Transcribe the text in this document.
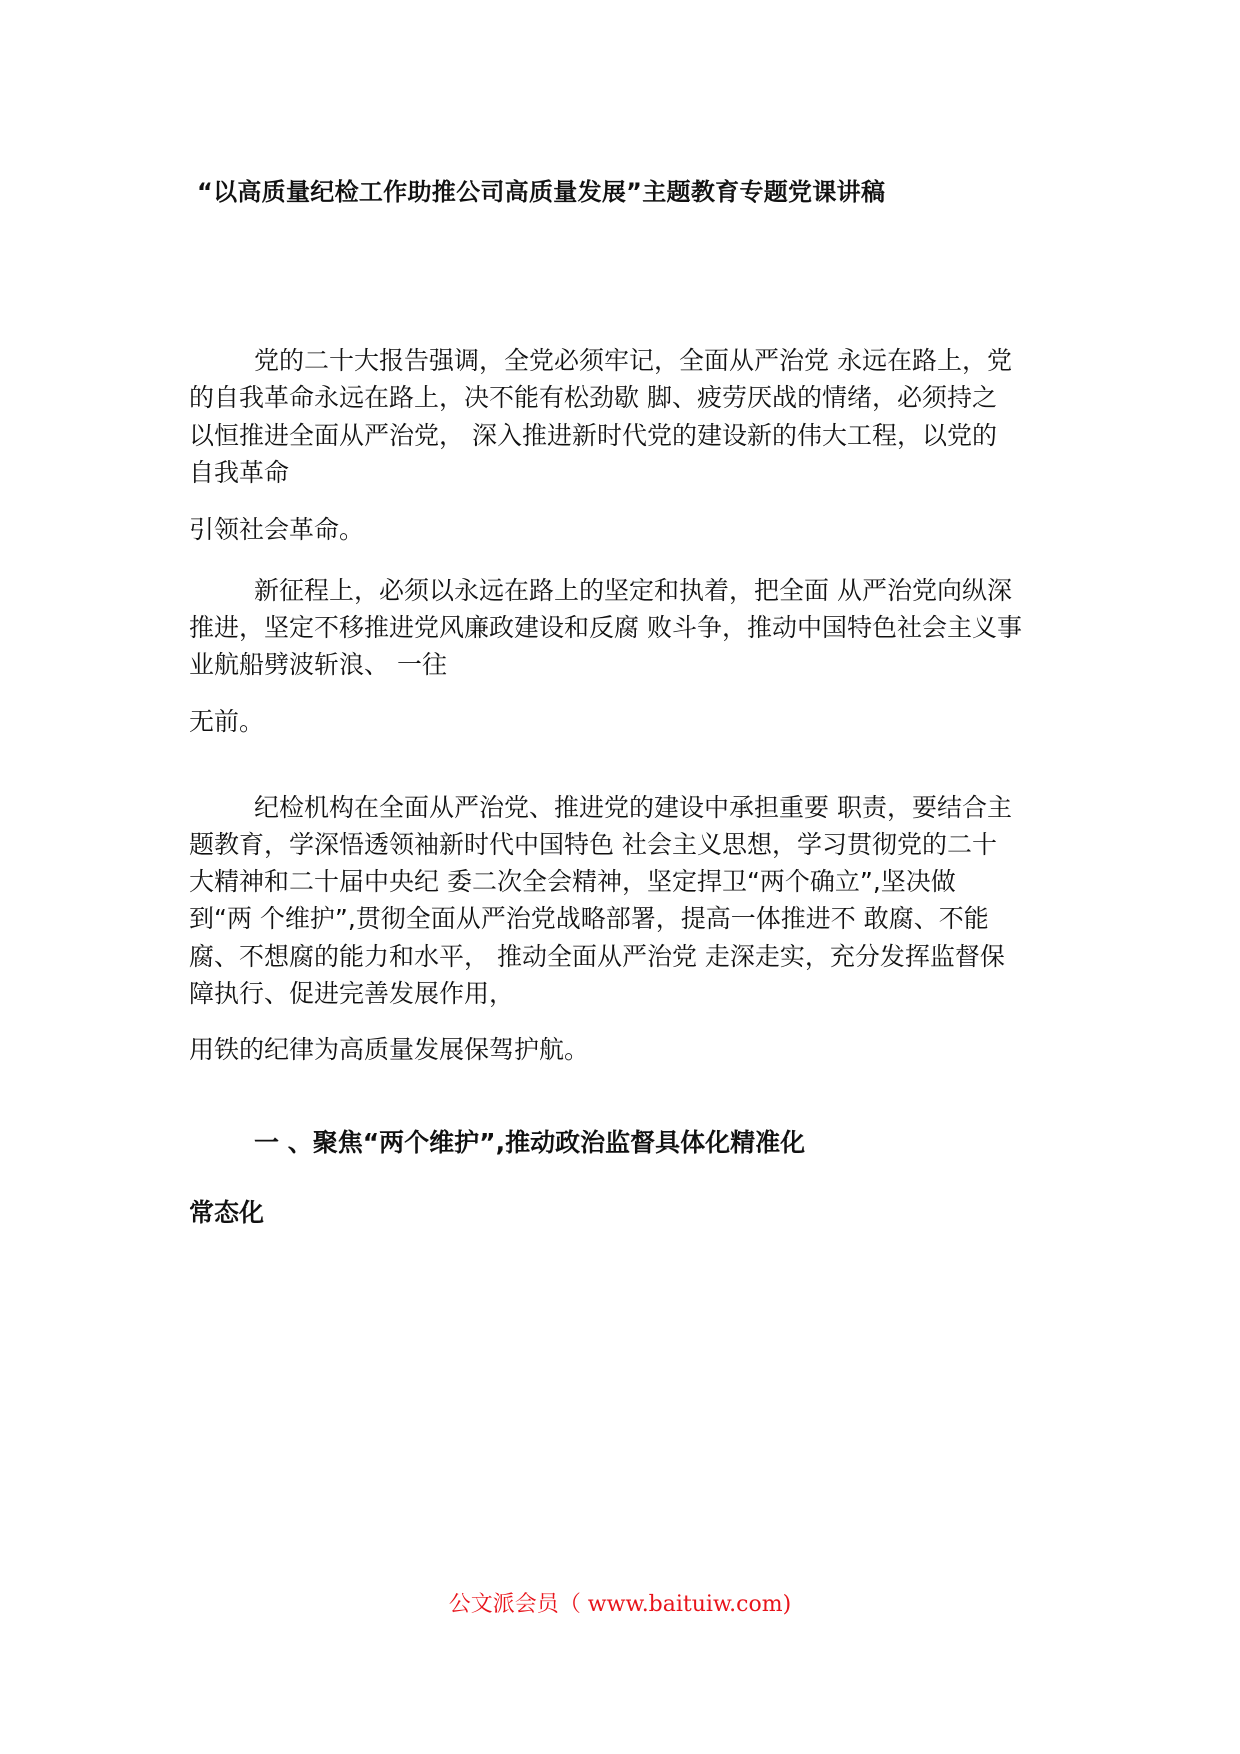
“以高质量纪检工作助推公司高质量发展”主题教育专题党课讲稿
党的二十大报告强调，全党必须牢记，全面从严治党 永远在路上，党
的自我革命永远在路上，决不能有松劲歇 脚、疲劳厌战的情绪，必须持之
以恒推进全面从严治党， 深入推进新时代党的建设新的伟大工程，以党的
自我革命
引领社会革命。
新征程上，必须以永远在路上的坚定和执着，把全面 从严治党向纵深
推进，坚定不移推进党风廉政建设和反腐 败斗争，推动中国特色社会主义事
业航船劈波斩浪、 一往
无前。
纪检机构在全面从严治党、推进党的建设中承担重要 职责，要结合主
题教育，学深悟透领袖新时代中国特色 社会主义思想，学习贯彻党的二十
大精神和二十届中央纪 委二次全会精神，坚定捍卫“两个确立”,坚决做
到“两 个维护”,贯彻全面从严治党战略部署，提高一体推进不 敢腐、不能
腐、不想腐的能力和水平， 推动全面从严治党 走深走实，充分发挥监督保
障执行、促进完善发展作用，
用铁的纪律为高质量发展保驾护航。
一 、聚焦“两个维护”,推动政治监督具体化精准化
常态化
公文派会员（ www.baituiw.com)
